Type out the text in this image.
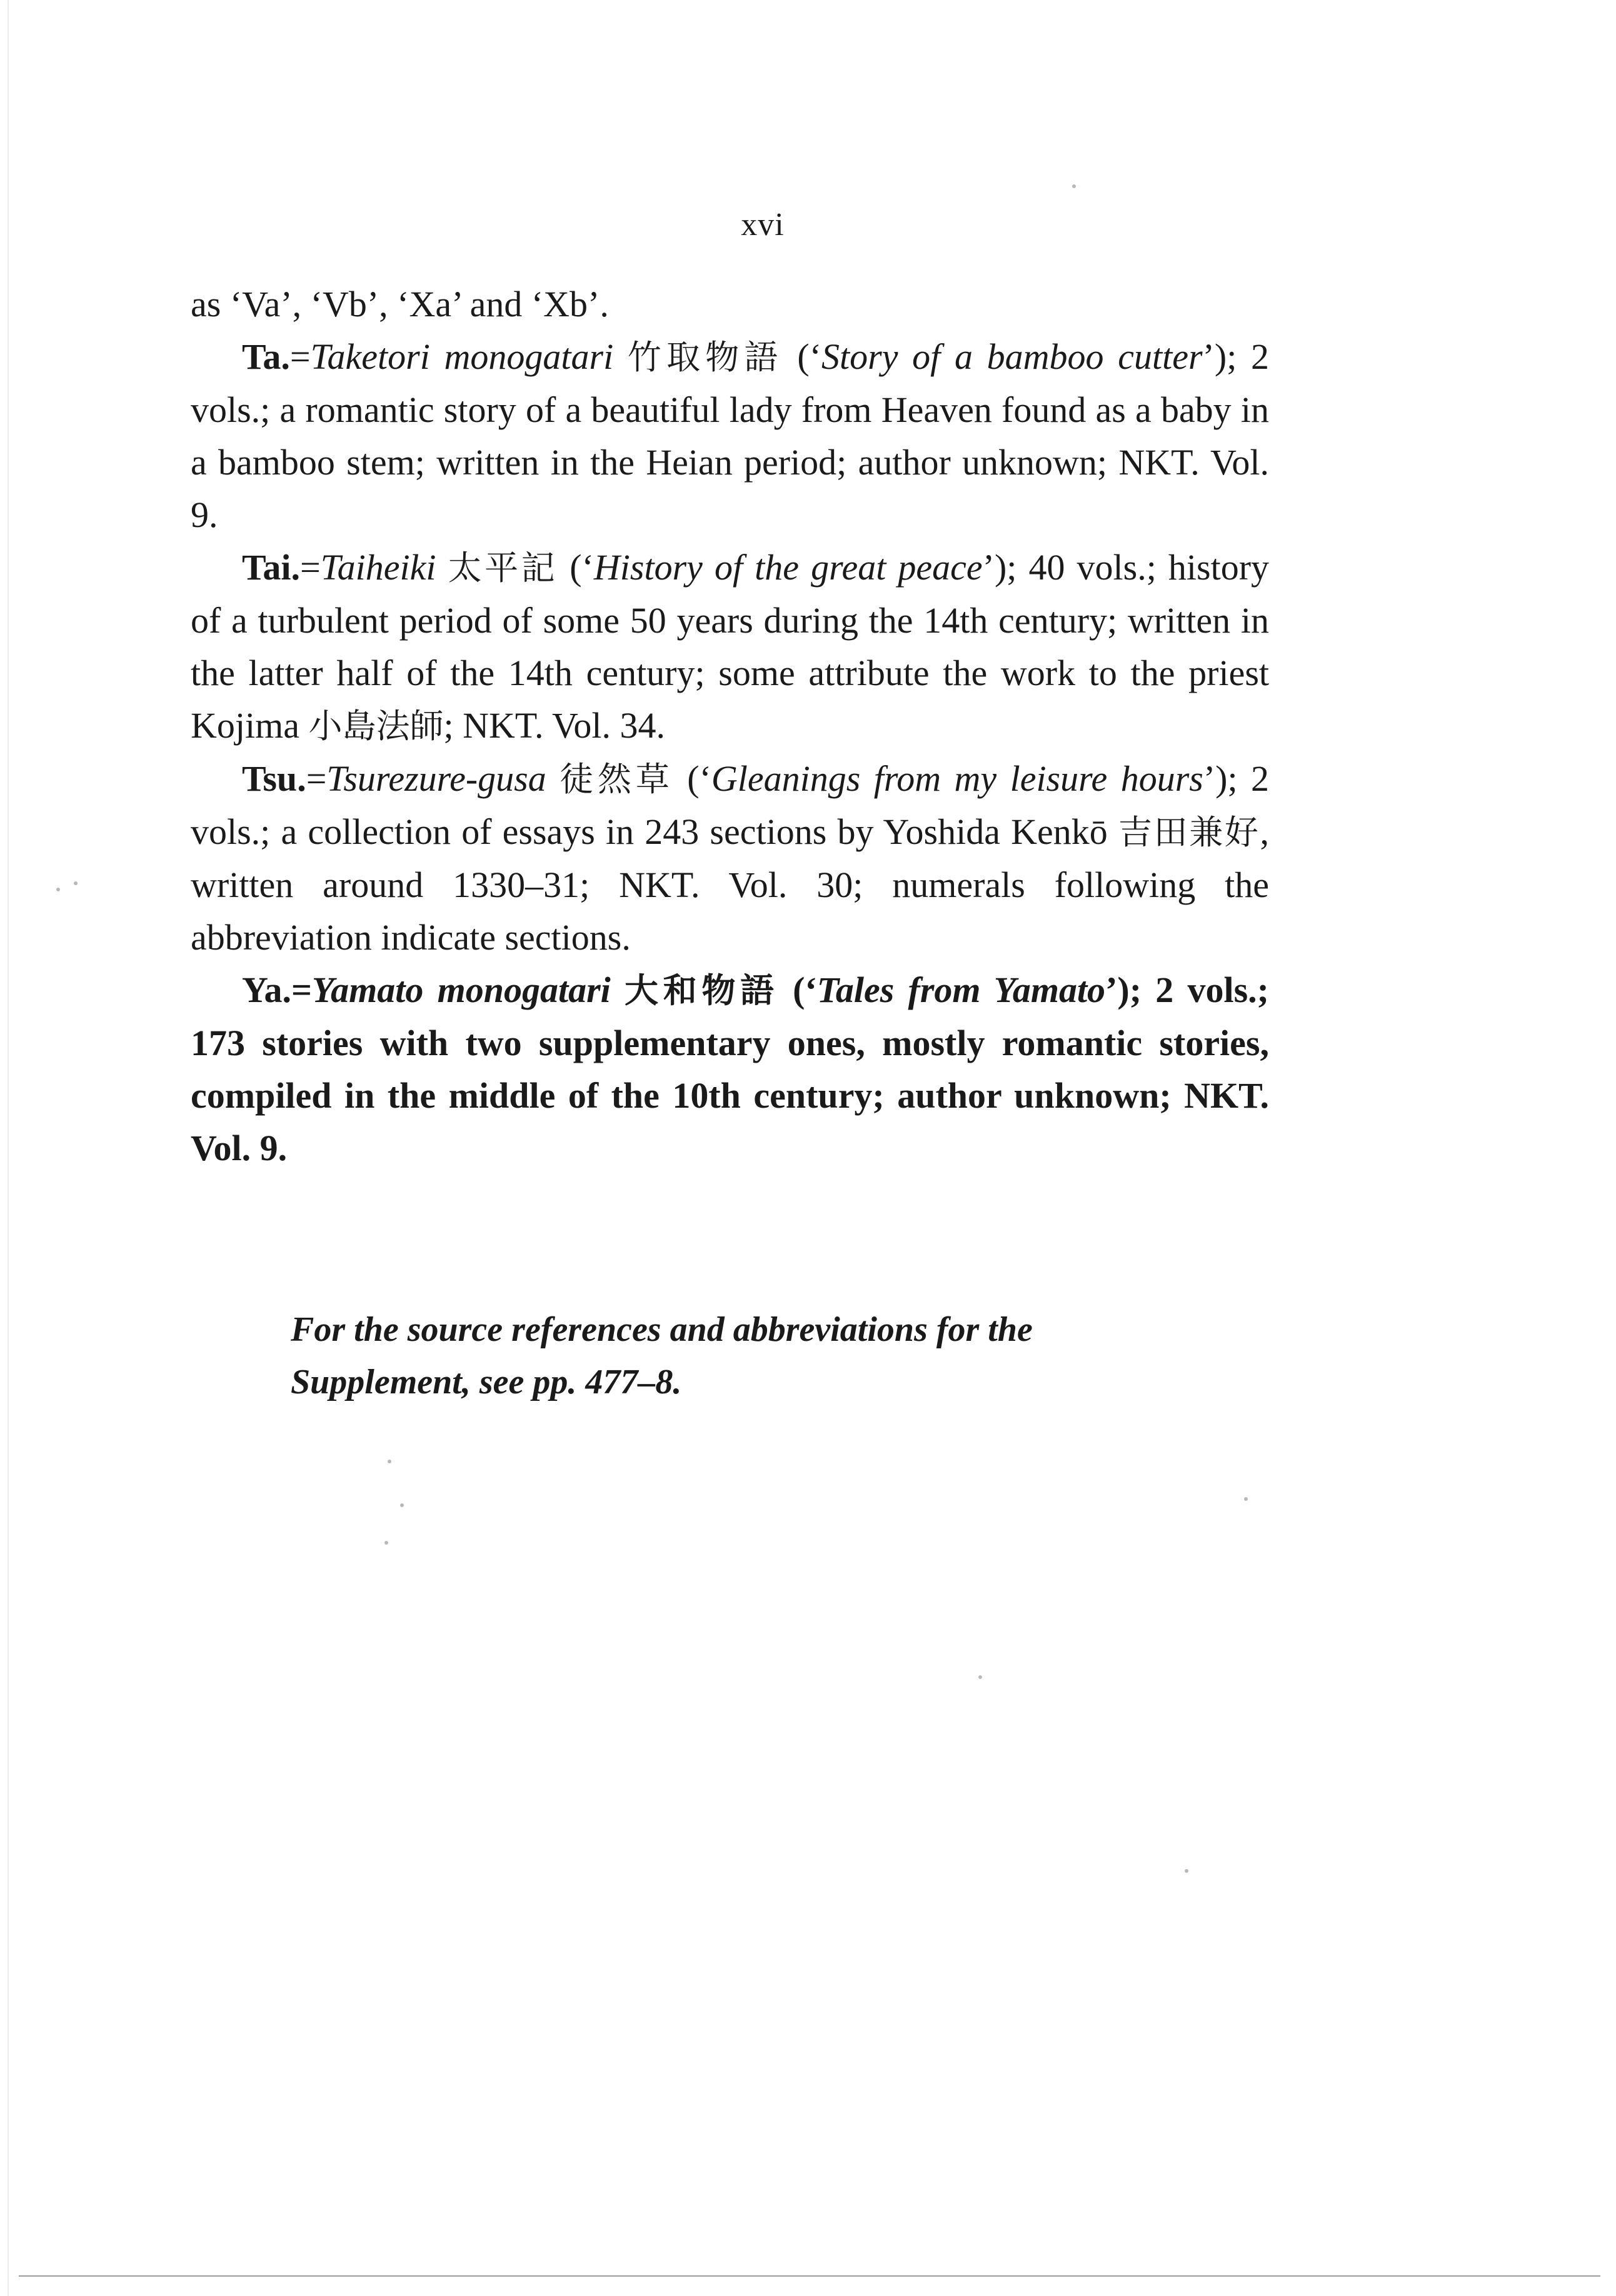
xvi

as ‘Va’, ‘Vb’, ‘Xa’ and ‘Xb’.

Ta.=Taketori monogatari 竹取物語 (‘Story of a bamboo cutter’); 2 vols.; a romantic story of a beautiful lady from Heaven found as a baby in a bamboo stem; written in the Heian period; author unknown; NKT. Vol. 9.

Tai.=Taiheiki 太平記 (‘History of the great peace’); 40 vols.; history of a turbulent period of some 50 years during the 14th century; written in the latter half of the 14th century; some attribute the work to the priest Kojima 小島法師; NKT. Vol. 34.

Tsu.=Tsurezure-gusa 徒然草 (‘Gleanings from my leisure hours’); 2 vols.; a collection of essays in 243 sections by Yoshida Kenkō 吉田兼好, written around 1330–31; NKT. Vol. 30; numerals following the abbreviation indicate sections.

Ya.=Yamato monogatari 大和物語 (‘Tales from Yamato’); 2 vols.; 173 stories with two supplementary ones, mostly romantic stories, compiled in the middle of the 10th century; author unknown; NKT. Vol. 9.

For the source references and abbreviations for the

Supplement, see pp. 477–8.
